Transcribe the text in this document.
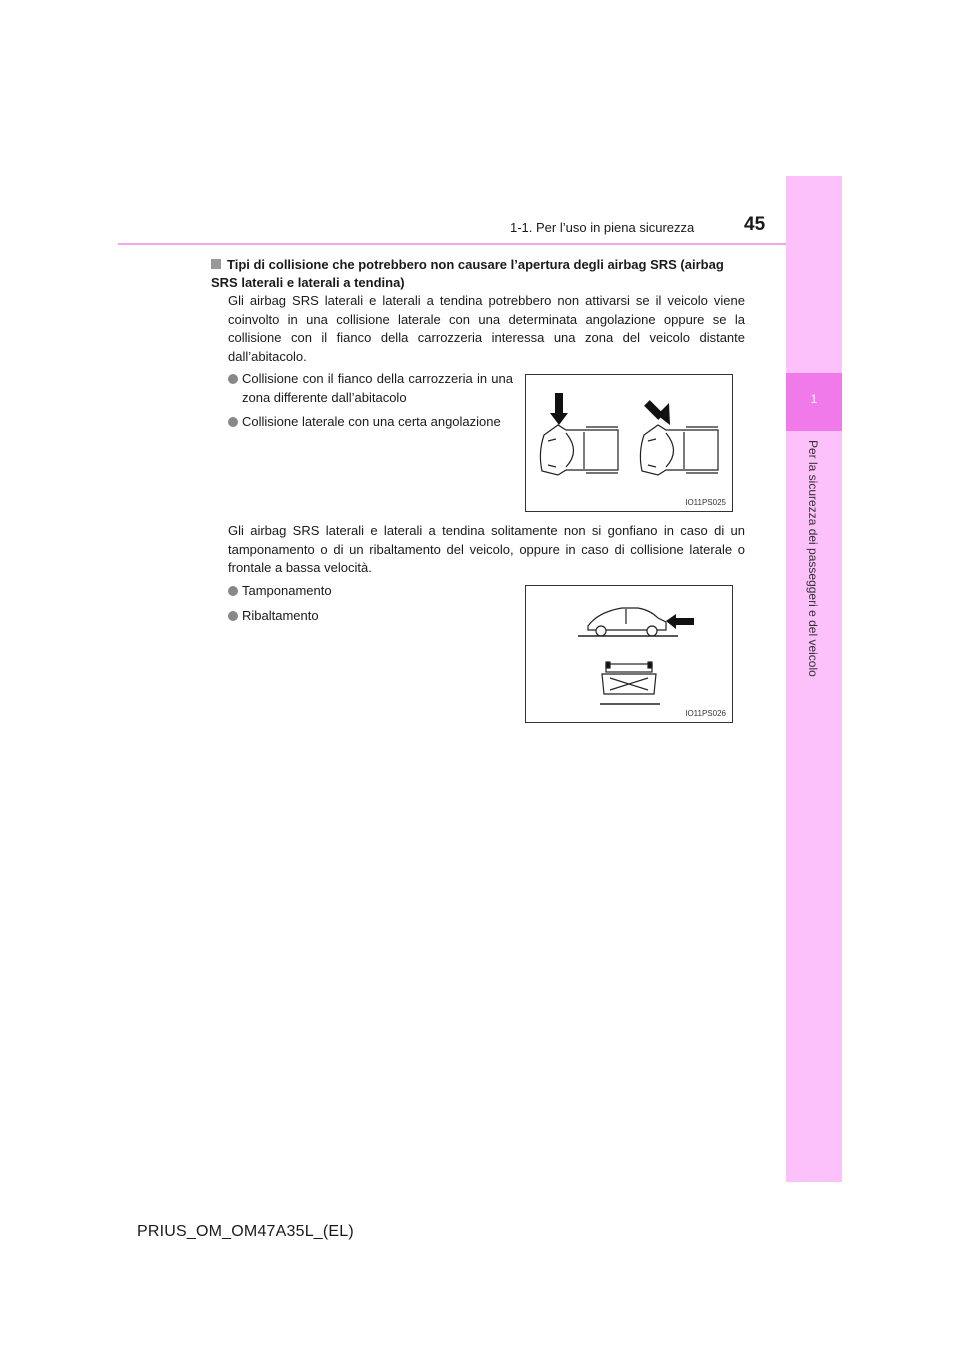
1-1. Per l’uso in piena sicurezza	45
1
Per la sicurezza dei passeggeri e del veicolo
Tipi di collisione che potrebbero non causare l’apertura degli airbag SRS (airbag SRS laterali e laterali a tendina)
Gli airbag SRS laterali e laterali a tendina potrebbero non attivarsi se il veicolo viene coinvolto in una collisione laterale con una determinata angolazione oppure se la collisione con il fianco della carrozzeria interessa una zona del veicolo distante dall’abitacolo.
Collisione con il fianco della carrozzeria in una zona differente dall’abitacolo
Collisione laterale con una certa angolazione
IO11PS025
Gli airbag SRS laterali e laterali a tendina solitamente non si gonfiano in caso di un tamponamento o di un ribaltamento del veicolo, oppure in caso di collisione laterale o frontale a bassa velocità.
Tamponamento
Ribaltamento
IO11PS026
PRIUS_OM_OM47A35L_(EL)
